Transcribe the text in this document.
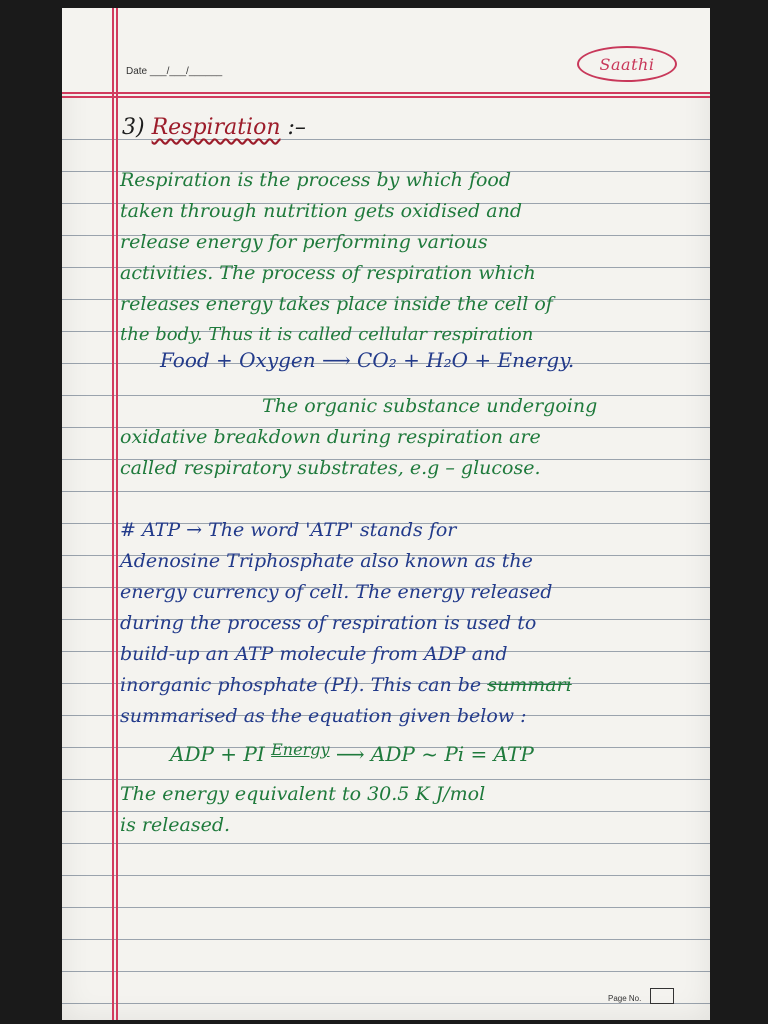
Date ___/___/______	Saathi
3) Respiration :–
Respiration is the process by which food
taken through nutrition gets oxidised and
release energy for performing various
activities. The process of respiration which
releases energy takes place inside the cell of
the body. Thus it is called cellular respiration
Food + Oxygen ⟶ CO₂ + H₂O + Energy.
The organic substance undergoing
oxidative breakdown during respiration are
called respiratory substrates, e.g – glucose.
# ATP → The word 'ATP' stands for
Adenosine Triphosphate also known as the
energy currency of cell. The energy released
during the process of respiration is used to
build-up an ATP molecule from ADP and
inorganic phosphate (PI). This can be summari
summarised as the equation given below :
ADP + PI $^{Energy}$ ⟶ ADP ~ Pi = ATP
The energy equivalent to 30.5 K J/mol
is released.
Page No.
